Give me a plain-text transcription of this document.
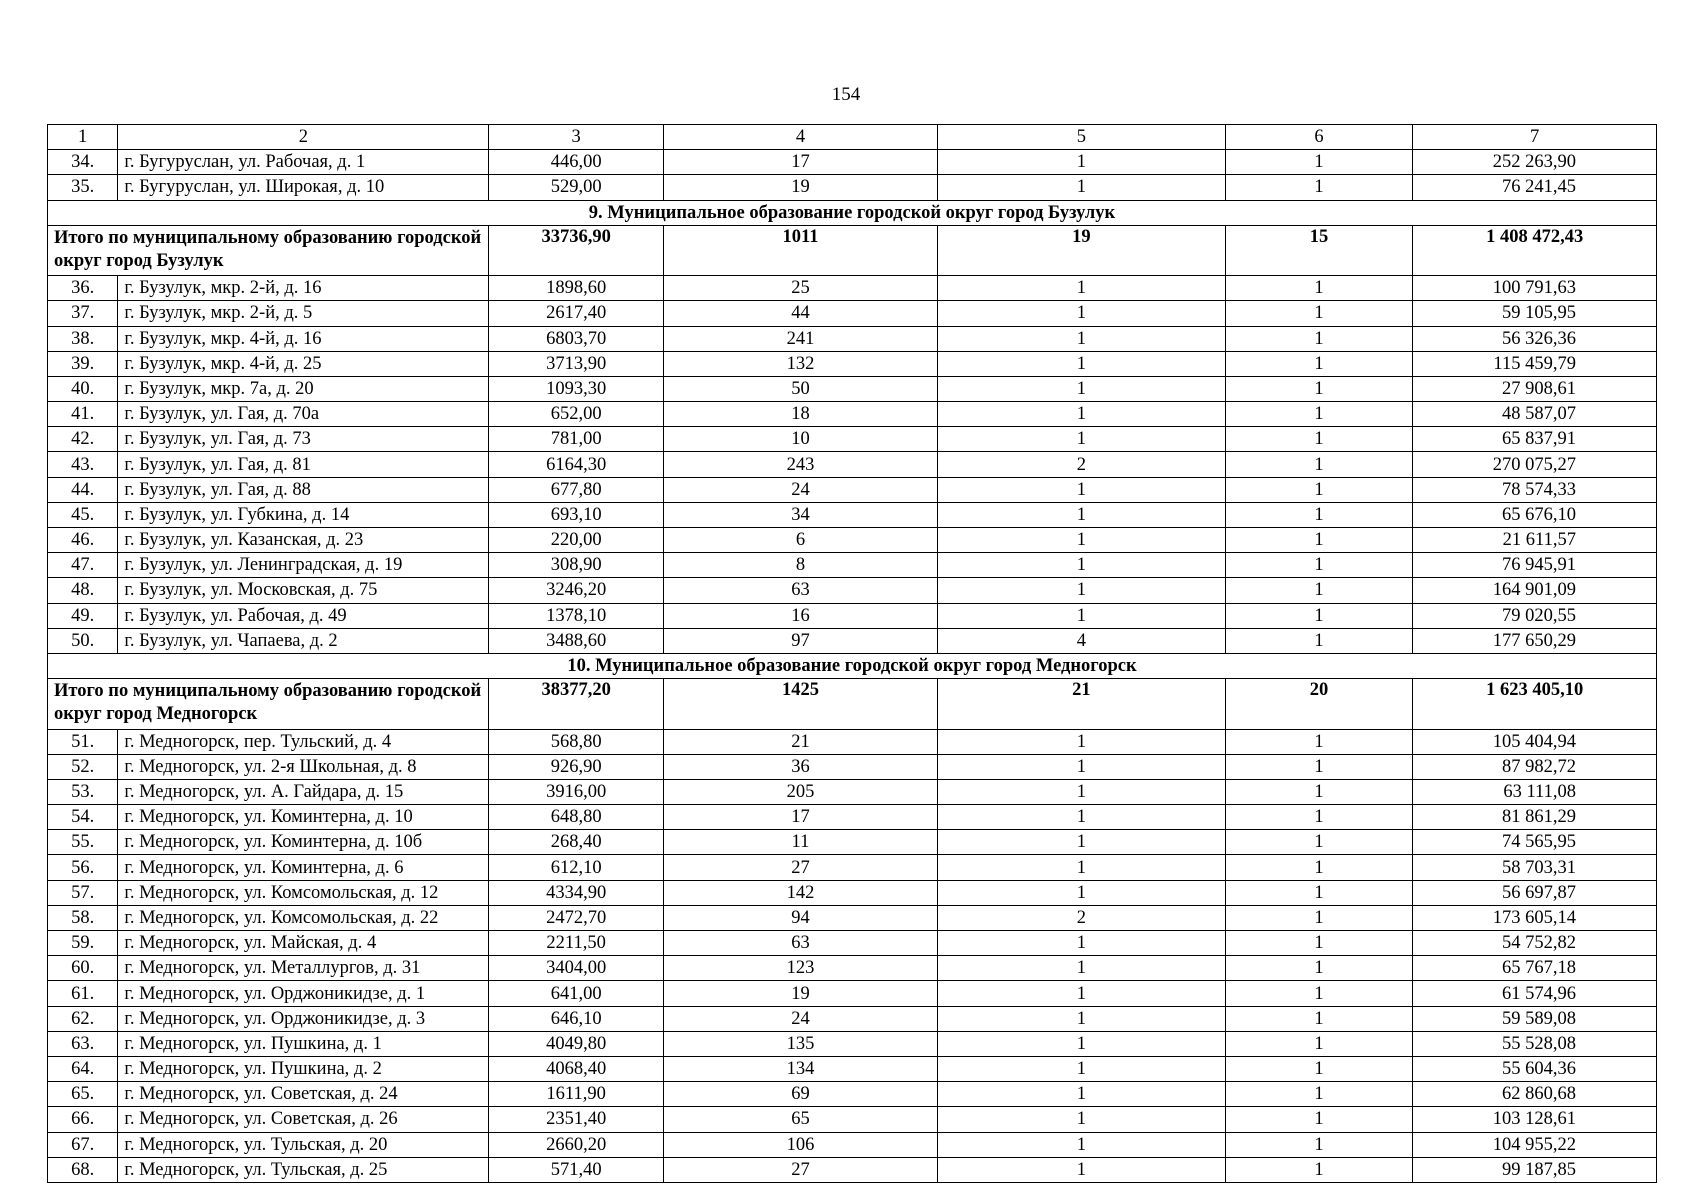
154
1	2	3	4	5	6	7
34.	г. Бугуруслан, ул. Рабочая, д. 1	446,00	17	1	1	252 263,90
35.	г. Бугуруслан, ул. Широкая, д. 10	529,00	19	1	1	76 241,45
9. Муниципальное образование городской округ город Бузулук						
Итого по муниципальному образованию городской округ город Бузулук		33736,90	1011	19	15	1 408 472,43
36.	г. Бузулук, мкр. 2-й, д. 16	1898,60	25	1	1	100 791,63
37.	г. Бузулук, мкр. 2-й, д. 5	2617,40	44	1	1	59 105,95
38.	г. Бузулук, мкр. 4-й, д. 16	6803,70	241	1	1	56 326,36
39.	г. Бузулук, мкр. 4-й, д. 25	3713,90	132	1	1	115 459,79
40.	г. Бузулук, мкр. 7а, д. 20	1093,30	50	1	1	27 908,61
41.	г. Бузулук, ул. Гая, д. 70а	652,00	18	1	1	48 587,07
42.	г. Бузулук, ул. Гая, д. 73	781,00	10	1	1	65 837,91
43.	г. Бузулук, ул. Гая, д. 81	6164,30	243	2	1	270 075,27
44.	г. Бузулук, ул. Гая, д. 88	677,80	24	1	1	78 574,33
45.	г. Бузулук, ул. Губкина, д. 14	693,10	34	1	1	65 676,10
46.	г. Бузулук, ул. Казанская, д. 23	220,00	6	1	1	21 611,57
47.	г. Бузулук, ул. Ленинградская, д. 19	308,90	8	1	1	76 945,91
48.	г. Бузулук, ул. Московская, д. 75	3246,20	63	1	1	164 901,09
49.	г. Бузулук, ул. Рабочая, д. 49	1378,10	16	1	1	79 020,55
50.	г. Бузулук, ул. Чапаева, д. 2	3488,60	97	4	1	177 650,29
10. Муниципальное образование городской округ город Медногорск						
Итого по муниципальному образованию городской округ город Медногорск		38377,20	1425	21	20	1 623 405,10
51.	г. Медногорск, пер. Тульский, д. 4	568,80	21	1	1	105 404,94
52.	г. Медногорск, ул. 2-я Школьная, д. 8	926,90	36	1	1	87 982,72
53.	г. Медногорск, ул. А. Гайдара, д. 15	3916,00	205	1	1	63 111,08
54.	г. Медногорск, ул. Коминтерна, д. 10	648,80	17	1	1	81 861,29
55.	г. Медногорск, ул. Коминтерна, д. 10б	268,40	11	1	1	74 565,95
56.	г. Медногорск, ул. Коминтерна, д. 6	612,10	27	1	1	58 703,31
57.	г. Медногорск, ул. Комсомольская, д. 12	4334,90	142	1	1	56 697,87
58.	г. Медногорск, ул. Комсомольская, д. 22	2472,70	94	2	1	173 605,14
59.	г. Медногорск, ул. Майская, д. 4	2211,50	63	1	1	54 752,82
60.	г. Медногорск, ул. Металлургов, д. 31	3404,00	123	1	1	65 767,18
61.	г. Медногорск, ул. Орджоникидзе, д. 1	641,00	19	1	1	61 574,96
62.	г. Медногорск, ул. Орджоникидзе, д. 3	646,10	24	1	1	59 589,08
63.	г. Медногорск, ул. Пушкина, д. 1	4049,80	135	1	1	55 528,08
64.	г. Медногорск, ул. Пушкина, д. 2	4068,40	134	1	1	55 604,36
65.	г. Медногорск, ул. Советская, д. 24	1611,90	69	1	1	62 860,68
66.	г. Медногорск, ул. Советская, д. 26	2351,40	65	1	1	103 128,61
67.	г. Медногорск, ул. Тульская, д. 20	2660,20	106	1	1	104 955,22
68.	г. Медногорск, ул. Тульская, д. 25	571,40	27	1	1	99 187,85
